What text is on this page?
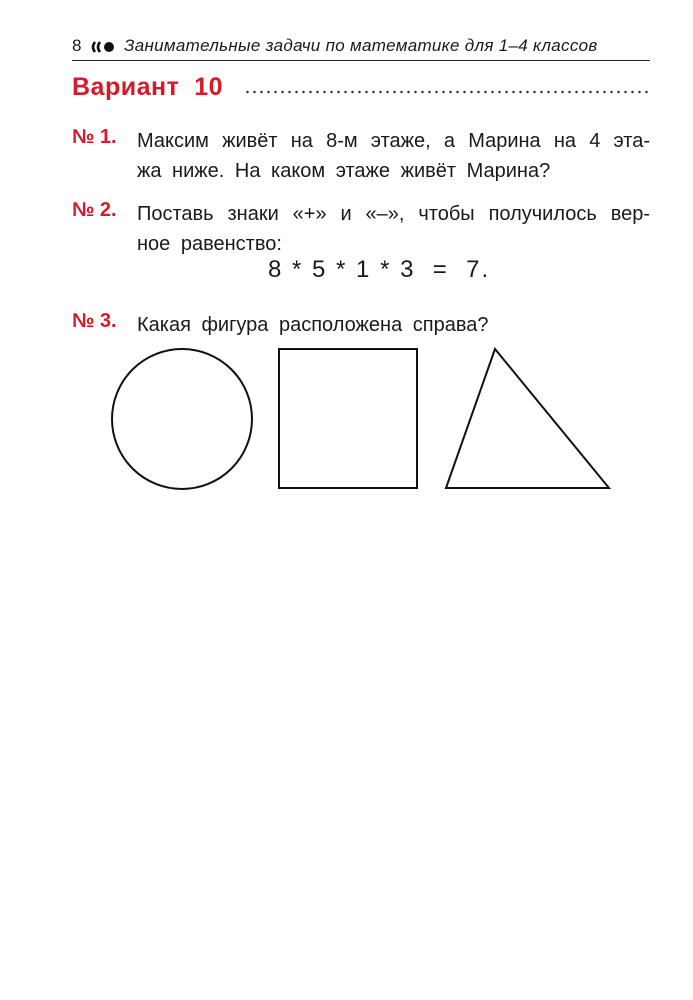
8	Занимательные задачи по математике для 1–4 классов
Вариант  10
№ 1. Максим живёт на 8-м этаже, а Марина на 4 эта-
жа ниже. На каком этаже живёт Марина?
№ 2. Поставь знаки «+» и «–», чтобы получилось вер-
ное равенство:
8 * 5 * 1 * 3  =  7.
№ 3. Какая фигура расположена справа?
